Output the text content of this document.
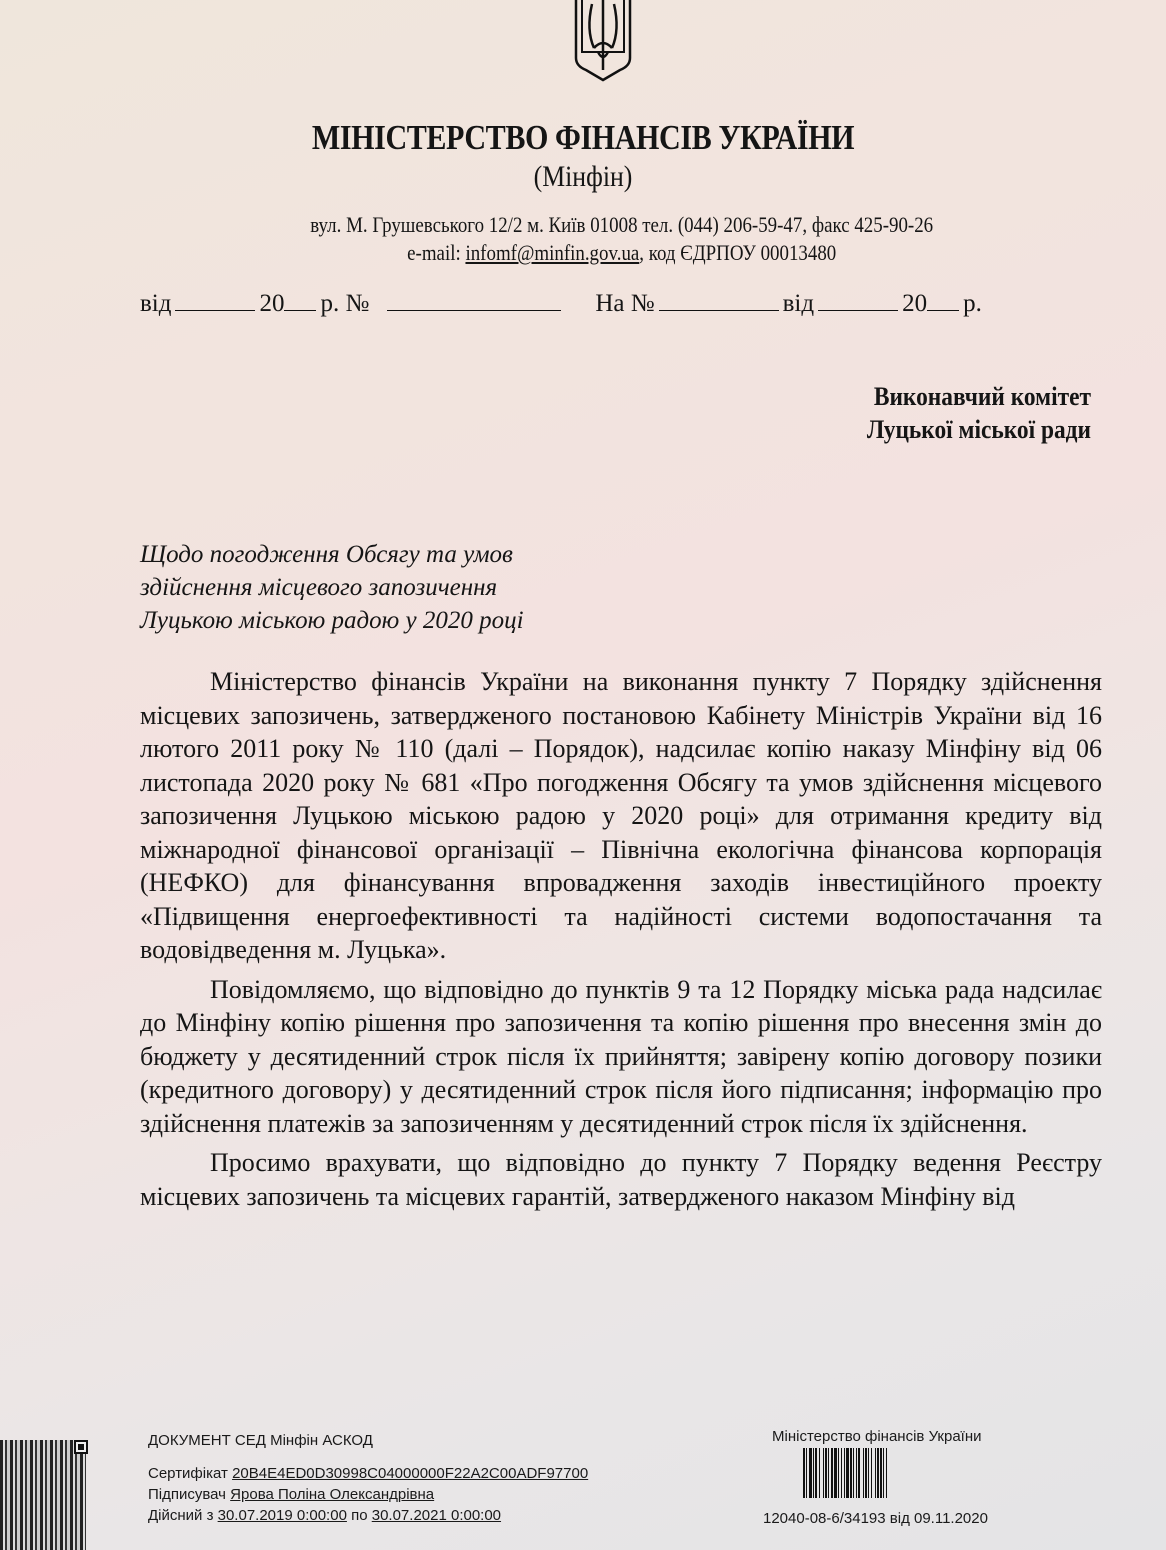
МІНІСТЕРСТВО ФІНАНСІВ УКРАЇНИ
(Мінфін)
вул. М. Грушевського 12/2 м. Київ 01008 тел. (044) 206-59-47, факс 425-90-26
e-mail: infomf@minfin.gov.ua, код ЄДРПОУ 00013480
від	20 р. №	На №	від	20 р.
Виконавчий комітет
Луцької міської ради
Щодо погодження Обсягу та умов
здійснення місцевого запозичення
Луцькою міською радою у 2020 році

Міністерство фінансів України на виконання пункту 7 Порядку здійснення місцевих запозичень, затвердженого постановою Кабінету Міністрів України від 16 лютого 2011 року № 110 (далі – Порядок), надсилає копію наказу Мінфіну від 06 листопада 2020 року № 681 «Про погодження Обсягу та умов здійснення місцевого запозичення Луцькою міською радою у 2020 році» для отримання кредиту від міжнародної фінансової організації – Північна екологічна фінансова корпорація (НЕФКО) для фінансування впровадження заходів інвестиційного проекту «Підвищення енергоефективності та надійності системи водопостачання та водовідведення м. Луцька».

Повідомляємо, що відповідно до пунктів 9 та 12 Порядку міська рада надсилає до Мінфіну копію рішення про запозичення та копію рішення про внесення змін до бюджету у десятиденний строк після їх прийняття; завірену копію договору позики (кредитного договору) у десятиденний строк після його підписання; інформацію про здійснення платежів за запозиченням у десятиденний строк після їх здійснення.

Просимо врахувати, що відповідно до пункту 7 Порядку ведення Реєстру місцевих запозичень та місцевих гарантій, затвердженого наказом Мінфіну від

ДОКУМЕНТ СЕД Мінфін АСКОД
Сертифікат 20B4E4ED0D30998C04000000F22A2C00ADF97700
Підписувач Ярова Поліна Олександрівна
Дійсний з 30.07.2019 0:00:00 по 30.07.2021 0:00:00
Міністерство фінансів України
12040-08-6/34193 від 09.11.2020
